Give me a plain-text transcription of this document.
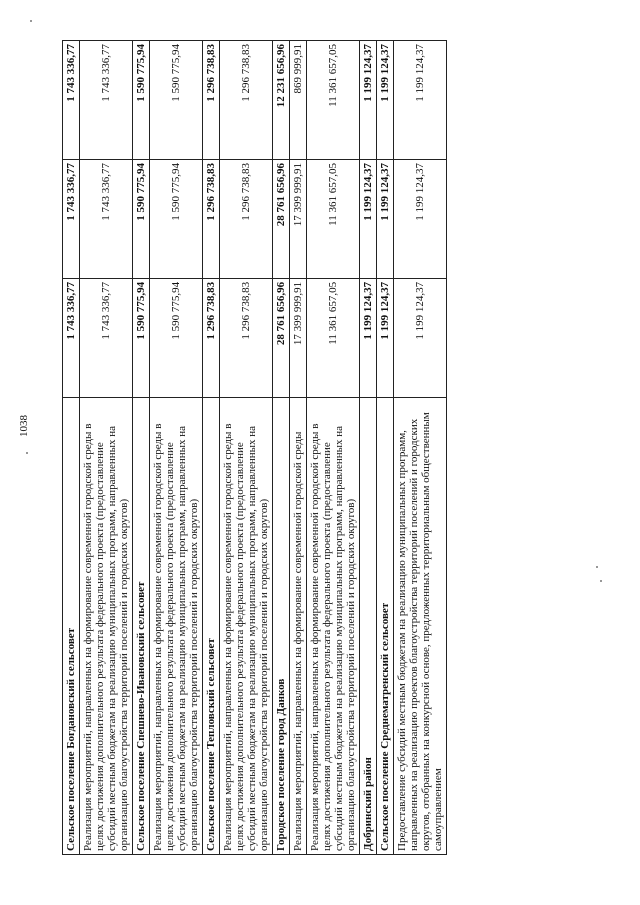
1038
Сельское поселение Богдановский сельсовет	1 743 336,77	1 743 336,77	1 743 336,77
Реализация мероприятий, направленных на формирование современной городской среды в целях достижения дополнительного результата федерального проекта (предоставление субсидий местным бюджетам на реализацию муниципальных программ, направленных на организацию благоустройства территорий поселений и городских округов)	1 743 336,77	1 743 336,77	1 743 336,77
Сельское поселение Спешнево-Ивановский сельсовет	1 590 775,94	1 590 775,94	1 590 775,94
Реализация мероприятий, направленных на формирование современной городской среды в целях достижения дополнительного результата федерального проекта (предоставление субсидий местным бюджетам на реализацию муниципальных программ, направленных на организацию благоустройства территорий поселений и городских округов)	1 590 775,94	1 590 775,94	1 590 775,94
Сельское поселение Тепловский сельсовет	1 296 738,83	1 296 738,83	1 296 738,83
Реализация мероприятий, направленных на формирование современной городской среды в целях достижения дополнительного результата федерального проекта (предоставление субсидий местным бюджетам на реализацию муниципальных программ, направленных на организацию благоустройства территорий поселений и городских округов)	1 296 738,83	1 296 738,83	1 296 738,83
Городское поселение город Данков	28 761 656,96	28 761 656,96	12 231 656,96
Реализация мероприятий, направленных на формирование современной городской среды	17 399 999,91	17 399 999,91	869 999,91
Реализация мероприятий, направленных на формирование современной городской среды в целях достижения дополнительного результата федерального проекта (предоставление субсидий местным бюджетам на реализацию муниципальных программ, направленных на организацию благоустройства территорий поселений и городских округов)	11 361 657,05	11 361 657,05	11 361 657,05
Добринский район	1 199 124,37	1 199 124,37	1 199 124,37
Сельское поселение Среднематренский сельсовет	1 199 124,37	1 199 124,37	1 199 124,37
Предоставление субсидий местным бюджетам на реализацию муниципальных программ, направленных на реализацию проектов благоустройства территорий поселений и городских округов, отобранных на конкурсной основе, предложенных территориальным общественным самоуправлением	1 199 124,37	1 199 124,37	1 199 124,37
